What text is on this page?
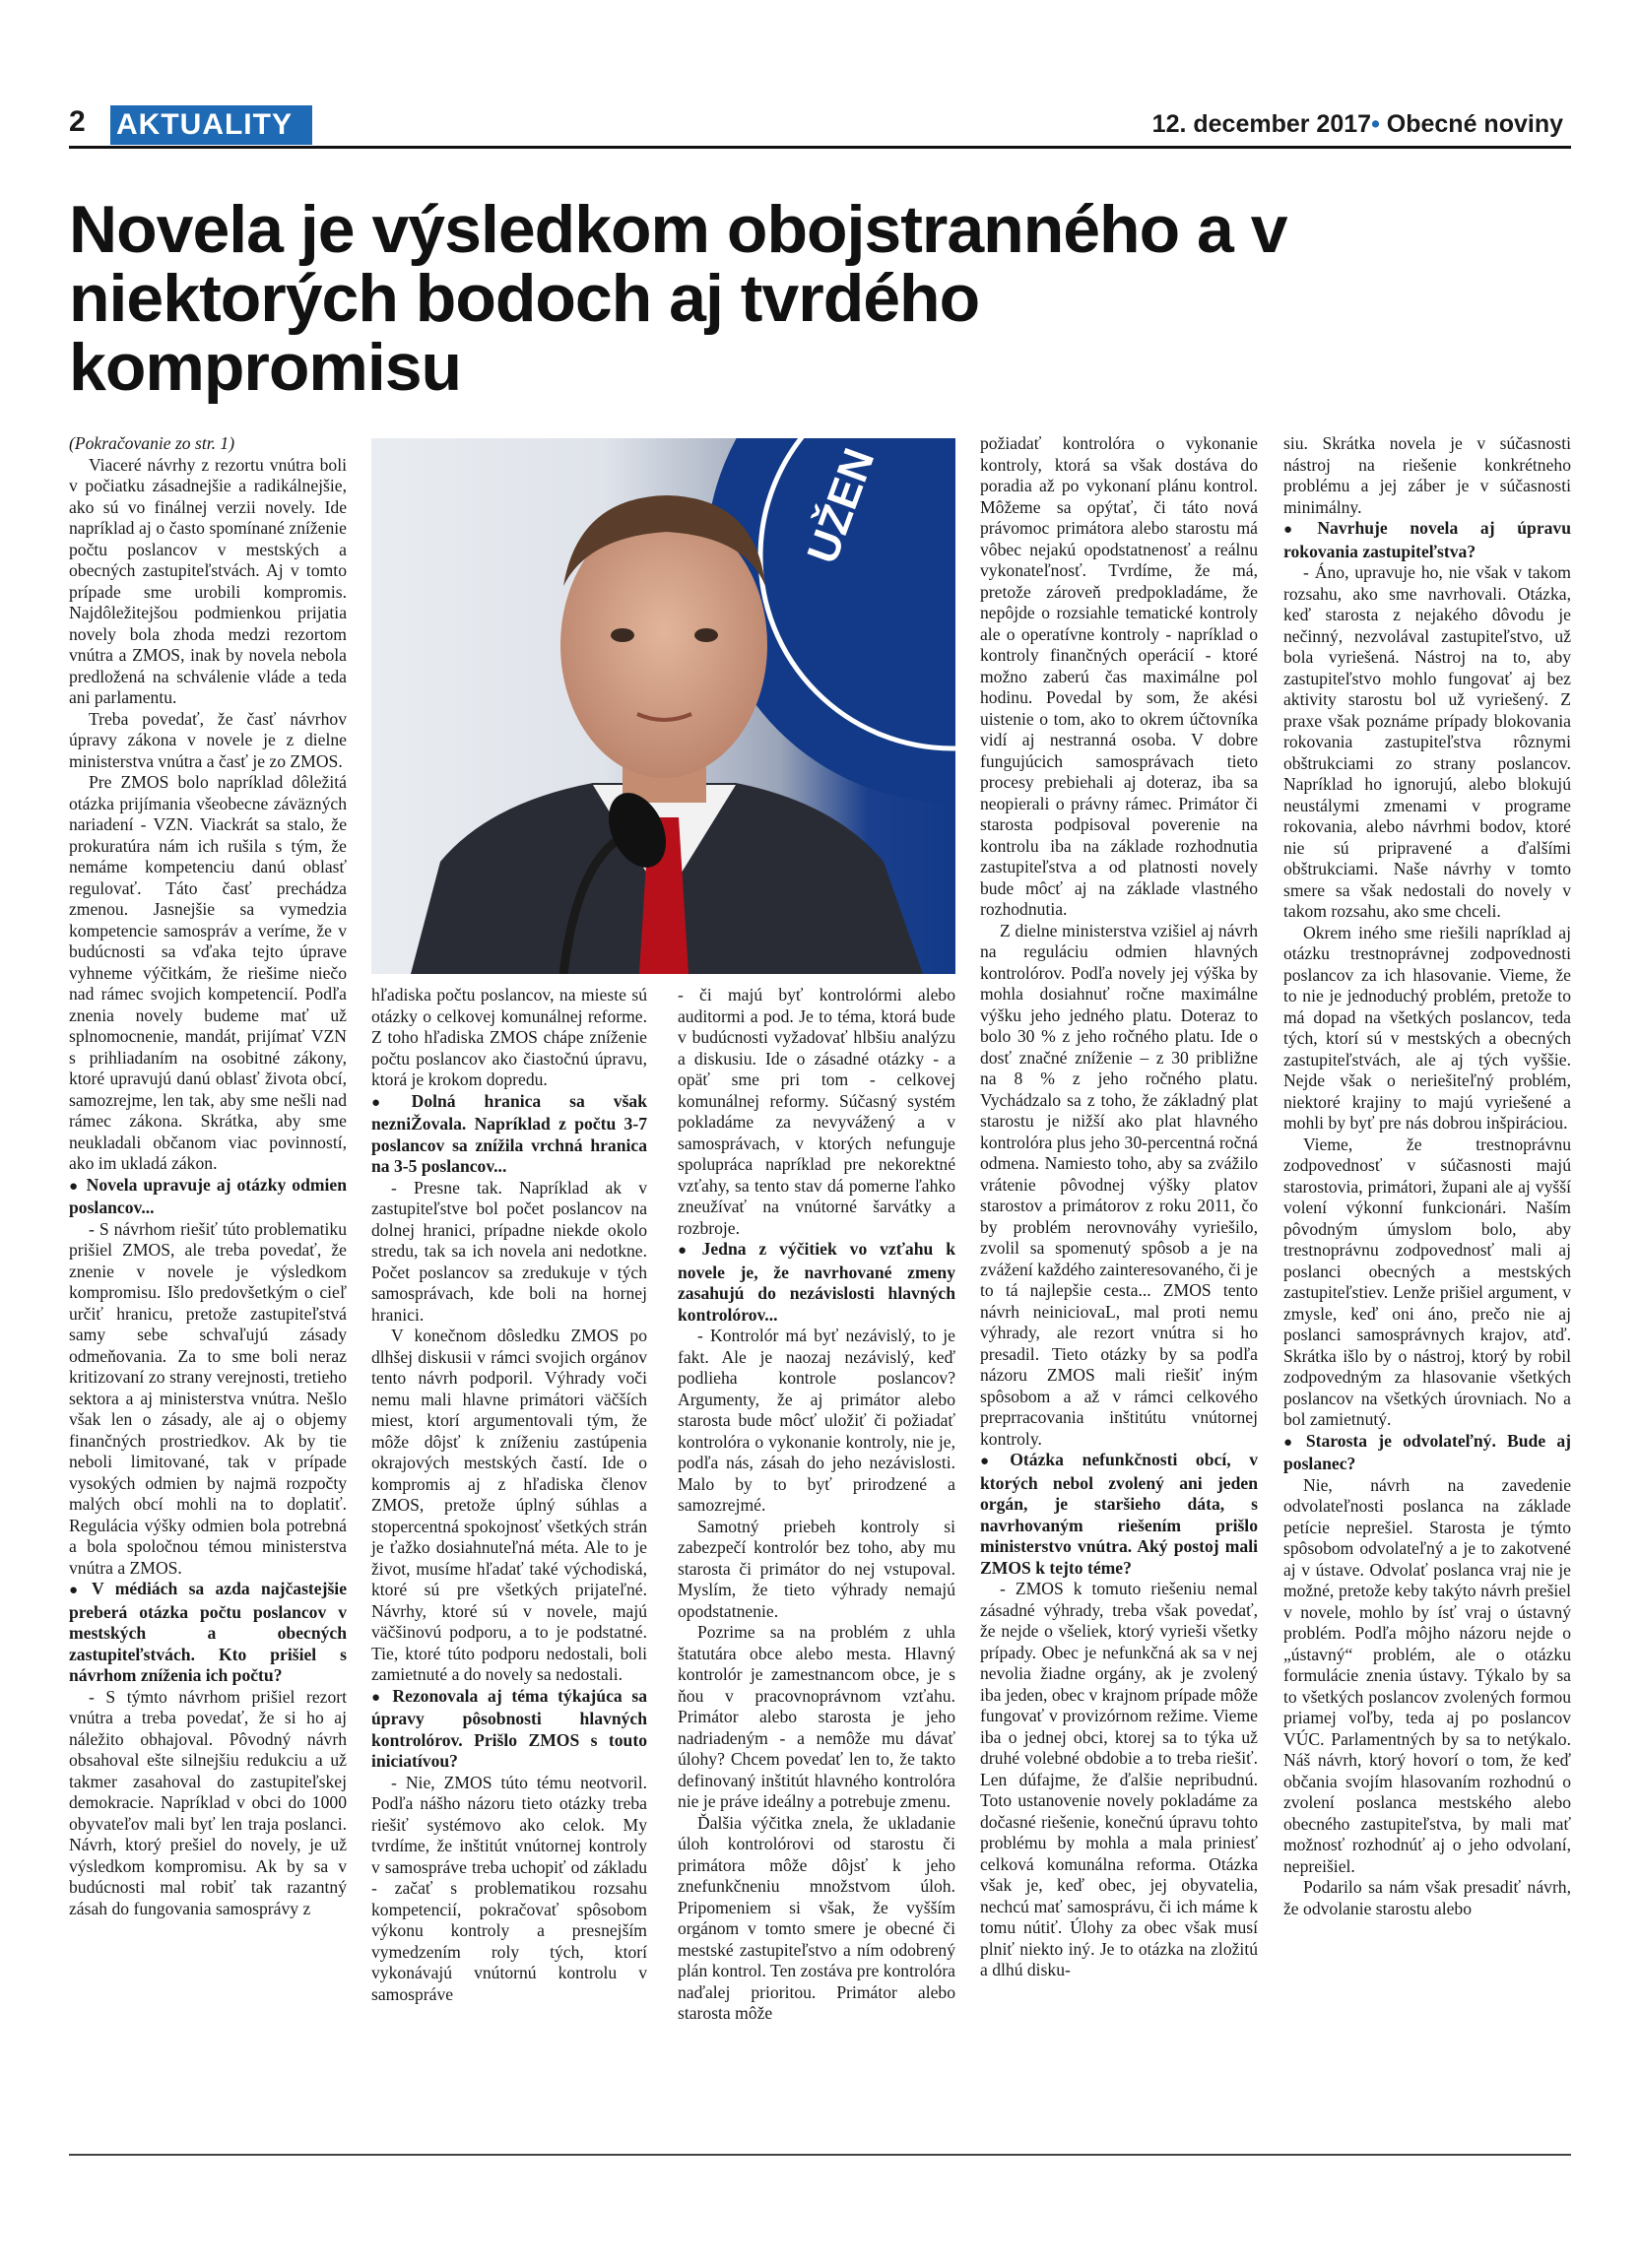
2 AKTUALITY	12. december 2017• Obecné noviny
Novela je výsledkom obojstranného a v niektorých bodoch aj tvrdého kompromisu

(Pokračovanie zo str. 1)

Viaceré návrhy z rezortu vnútra boli v počiatku zásadnejšie a radikálnejšie, ako sú vo finálnej verzii novely. Ide napríklad aj o často spomínané zníženie počtu poslancov v mestských a obecných zastupiteľstvách. Aj v tomto prípade sme urobili kompromis. Najdôležitejšou podmienkou prijatia novely bola zhoda medzi rezortom vnútra a ZMOS, inak by novela nebola predložená na schválenie vláde a teda ani parlamentu.

Treba povedať, že časť návrhov úpravy zákona v novele je z dielne ministerstva vnútra a časť je zo ZMOS.

Pre ZMOS bolo napríklad dôležitá otázka prijímania všeobecne záväzných nariadení - VZN. Viackrát sa stalo, že prokuratúra nám ich rušila s tým, že nemáme kompetenciu danú oblasť regulovať. Táto časť prechádza zmenou. Jasnejšie sa vymedzia kompetencie samospráv a veríme, že v budúcnosti sa vďaka tejto úprave vyhneme výčitkám, že riešime niečo nad rámec svojich kompetencií. Podľa znenia novely budeme mať už splnomocnenie, mandát, prijímať VZN s prihliadaním na osobitné zákony, ktoré upravujú danú oblasť života obcí, samozrejme, len tak, aby sme nešli nad rámec zákona. Skrátka, aby sme neukladali občanom viac povinností, ako im ukladá zákon.

● Novela upravuje aj otázky odmien poslancov...

- S návrhom riešiť túto problematiku prišiel ZMOS, ale treba povedať, že znenie v novele je výsledkom kompromisu. Išlo predovšetkým o cieľ určiť hranicu, pretože zastupiteľstvá samy sebe schvaľujú zásady odmeňovania. Za to sme boli neraz kritizovaní zo strany verejnosti, tretieho sektora a aj ministerstva vnútra. Nešlo však len o zásady, ale aj o objemy finančných prostriedkov. Ak by tie neboli limitované, tak v prípade vysokých odmien by najmä rozpočty malých obcí mohli na to doplatiť. Regulácia výšky odmien bola potrebná a bola spoločnou témou ministerstva vnútra a ZMOS.

● V médiách sa azda najčastejšie preberá otázka počtu poslancov v mestských a obecných zastupiteľstvách. Kto prišiel s návrhom zníženia ich počtu?

- S týmto návrhom prišiel rezort vnútra a treba povedať, že si ho aj náležito obhajoval. Pôvodný návrh obsahoval ešte silnejšiu redukciu a už takmer zasahoval do zastupiteľskej demokracie. Napríklad v obci do 1000 obyvateľov mali byť len traja poslanci. Návrh, ktorý prešiel do novely, je už výsledkom kompromisu. Ak by sa v budúcnosti mal robiť tak razantný zásah do fungovania samosprávy z

hľadiska počtu poslancov, na mieste sú otázky o celkovej komunálnej reforme. Z toho hľadiska ZMOS chápe zníženie počtu poslancov ako čiastočnú úpravu, ktorá je krokom dopredu.

● Dolná hranica sa však nezniŽovala. Napríklad z počtu 3-7 poslancov sa znížila vrchná hranica na 3-5 poslancov...

- Presne tak. Napríklad ak v zastupiteľstve bol počet poslancov na dolnej hranici, prípadne niekde okolo stredu, tak sa ich novela ani nedotkne. Počet poslancov sa zredukuje v tých samosprávach, kde boli na hornej hranici.

V konečnom dôsledku ZMOS po dlhšej diskusii v rámci svojich orgánov tento návrh podporil. Výhrady voči nemu mali hlavne primátori väčších miest, ktorí argumentovali tým, že môže dôjsť k zníženiu zastúpenia okrajových mestských častí. Ide o kompromis aj z hľadiska členov ZMOS, pretože úplný súhlas a stopercentná spokojnosť všetkých strán je ťažko dosiahnuteľná méta. Ale to je život, musíme hľadať také východiská, ktoré sú pre všetkých prijateľné. Návrhy, ktoré sú v novele, majú väčšinovú podporu, a to je podstatné. Tie, ktoré túto podporu nedostali, boli zamietnuté a do novely sa nedostali.

● Rezonovala aj téma týkajúca sa úpravy pôsobnosti hlavných kontrolórov. Prišlo ZMOS s touto iniciatívou?

- Nie, ZMOS túto tému neotvoril. Podľa nášho názoru tieto otázky treba riešiť systémovo ako celok. My tvrdíme, že inštitút vnútornej kontroly v samospráve treba uchopiť od základu - začať s problematikou rozsahu kompetencií, pokračovať spôsobom výkonu kontroly a presnejším vymedzením roly tých, ktorí vykonávajú vnútornú kontrolu v samospráve

- či majú byť kontrolórmi alebo auditormi a pod. Je to téma, ktorá bude v budúcnosti vyžadovať hlbšiu analýzu a diskusiu. Ide o zásadné otázky - a opäť sme pri tom - celkovej komunálnej reformy. Súčasný systém pokladáme za nevyvážený a v samosprávach, v ktorých nefunguje spolupráca napríklad pre nekorektné vzťahy, sa tento stav dá pomerne ľahko zneužívať na vnútorné šarvátky a rozbroje.

● Jedna z výčitiek vo vzťahu k novele je, že navrhované zmeny zasahujú do nezávislosti hlavných kontrolórov...

- Kontrolór má byť nezávislý, to je fakt. Ale je naozaj nezávislý, keď podlieha kontrole poslancov? Argumenty, že aj primátor alebo starosta bude môcť uložiť či požiadať kontrolóra o vykonanie kontroly, nie je, podľa nás, zásah do jeho nezávislosti. Malo by to byť prirodzené a samozrejmé.

Samotný priebeh kontroly si zabezpečí kontrolór bez toho, aby mu starosta či primátor do nej vstupoval. Myslím, že tieto výhrady nemajú opodstatnenie.

Pozrime sa na problém z uhla štatutára obce alebo mesta. Hlavný kontrolór je zamestnancom obce, je s ňou v pracovnoprávnom vzťahu. Primátor alebo starosta je jeho nadriadeným - a nemôže mu dávať úlohy? Chcem povedať len to, že takto definovaný inštitút hlavného kontrolóra nie je práve ideálny a potrebuje zmenu.

Ďalšia výčitka znela, že ukladanie úloh kontrolórovi od starostu či primátora môže dôjsť k jeho znefunkčneniu množstvom úloh. Pripomeniem si však, že vyšším orgánom v tomto smere je obecné či mestské zastupiteľstvo a ním odobrený plán kontrol. Ten zostáva pre kontrolóra naďalej prioritou. Primátor alebo starosta môže

požiadať kontrolóra o vykonanie kontroly, ktorá sa však dostáva do poradia až po vykonaní plánu kontrol. Môžeme sa opýtať, či táto nová právomoc primátora alebo starostu má vôbec nejakú opodstatnenosť a reálnu vykonateľnosť. Tvrdíme, že má, pretože zároveň predpokladáme, že nepôjde o rozsiahle tematické kontroly ale o operatívne kontroly - napríklad o kontroly finančných operácií - ktoré možno zaberú čas maximálne pol hodinu. Povedal by som, že akési uistenie o tom, ako to okrem účtovníka vidí aj nestranná osoba. V dobre fungujúcich samosprávach tieto procesy prebiehali aj doteraz, iba sa neopierali o právny rámec. Primátor či starosta podpisoval poverenie na kontrolu iba na základe rozhodnutia zastupiteľstva a od platnosti novely bude môcť aj na základe vlastného rozhodnutia.

Z dielne ministerstva vzišiel aj návrh na reguláciu odmien hlavných kontrolórov. Podľa novely jej výška by mohla dosiahnuť ročne maximálne výšku jeho jedného platu. Doteraz to bolo 30 % z jeho ročného platu. Ide o dosť značné zníženie – z 30 približne na 8 % z jeho ročného platu. Vychádzalo sa z toho, že základný plat starostu je nižší ako plat hlavného kontrolóra plus jeho 30-percentná ročná odmena. Namiesto toho, aby sa zvážilo vrátenie pôvodnej výšky platov starostov a primátorov z roku 2011, čo by problém nerovnováhy vyriešilo, zvolil sa spomenutý spôsob a je na zvážení každého zainteresovaného, či je to tá najlepšie cesta... ZMOS tento návrh neiniciovaL, mal proti nemu výhrady, ale rezort vnútra si ho presadil. Tieto otázky by sa podľa názoru ZMOS mali riešiť iným spôsobom a až v rámci celkového preprracovania inštitútu vnútornej kontroly.

● Otázka nefunkčnosti obcí, v ktorých nebol zvolený ani jeden orgán, je staršieho dáta, s navrhovaným riešením prišlo ministerstvo vnútra. Aký postoj mali ZMOS k tejto téme?

- ZMOS k tomuto riešeniu nemal zásadné výhrady, treba však povedať, že nejde o všeliek, ktorý vyrieši všetky prípady. Obec je nefunkčná ak sa v nej nevolia žiadne orgány, ak je zvolený iba jeden, obec v krajnom prípade môže fungovať v provizórnom režime. Vieme iba o jednej obci, ktorej sa to týka už druhé volebné obdobie a to treba riešiť. Len dúfajme, že ďalšie nepribudnú. Toto ustanovenie novely pokladáme za dočasné riešenie, konečnú úpravu tohto problému by mohla a mala priniesť celková komunálna reforma. Otázka však je, keď obec, jej obyvatelia, nechcú mať samosprávu, či ich máme k tomu nútiť. Úlohy za obec však musí plniť niekto iný. Je to otázka na zložitú a dlhú disku-

siu. Skrátka novela je v súčasnosti nástroj na riešenie konkrétneho problému a jej záber je v súčasnosti minimálny.

● Navrhuje novela aj úpravu rokovania zastupiteľstva?

- Áno, upravuje ho, nie však v takom rozsahu, ako sme navrhovali. Otázka, keď starosta z nejakého dôvodu je nečinný, nezvolával zastupiteľstvo, už bola vyriešená. Nástroj na to, aby zastupiteľstvo mohlo fungovať aj bez aktivity starostu bol už vyriešený. Z praxe však poznáme prípady blokovania rokovania zastupiteľstva rôznymi obštrukciami zo strany poslancov. Napríklad ho ignorujú, alebo blokujú neustálymi zmenami v programe rokovania, alebo návrhmi bodov, ktoré nie sú pripravené a ďalšími obštrukciami. Naše návrhy v tomto smere sa však nedostali do novely v takom rozsahu, ako sme chceli.

Okrem iného sme riešili napríklad aj otázku trestnoprávnej zodpovednosti poslancov za ich hlasovanie. Vieme, že to nie je jednoduchý problém, pretože to má dopad na všetkých poslancov, teda tých, ktorí sú v mestských a obecných zastupiteľstvách, ale aj tých vyššie. Nejde však o neriešiteľný problém, niektoré krajiny to majú vyriešené a mohli by byť pre nás dobrou inšpiráciou.

Vieme, že trestnoprávnu zodpovednosť v súčasnosti majú starostovia, primátori, župani ale aj vyšší volení výkonní funkcionári. Naším pôvodným úmyslom bolo, aby trestnoprávnu zodpovednosť mali aj poslanci obecných a mestských zastupiteľstiev. Lenže prišiel argument, v zmysle, keď oni áno, prečo nie aj poslanci samosprávnych krajov, atď. Skrátka išlo by o nástroj, ktorý by robil zodpovedným za hlasovanie všetkých poslancov na všetkých úrovniach. No a bol zamietnutý.

● Starosta je odvolateľný. Bude aj poslanec?

Nie, návrh na zavedenie odvolateľnosti poslanca na základe petície neprešiel. Starosta je týmto spôsobom odvolateľný a je to zakotvené aj v ústave. Odvolať poslanca vraj nie je možné, pretože keby takýto návrh prešiel v novele, mohlo by ísť vraj o ústavný problém. Podľa môjho názoru nejde o „ústavný“ problém, ale o otázku formulácie znenia ústavy. Týkalo by sa to všetkých poslancov zvolených formou priamej voľby, teda aj po poslancov VÚC. Parlamentných by sa to netýkalo. Náš návrh, ktorý hovorí o tom, že keď občania svojím hlasovaním rozhodnú o zvolení poslanca mestského alebo obecného zastupiteľstva, by mali mať možnosť rozhodnúť aj o jeho odvolaní, nepreišiel.

Podarilo sa nám však presadiť návrh, že odvolanie starostu alebo

UŽEN
